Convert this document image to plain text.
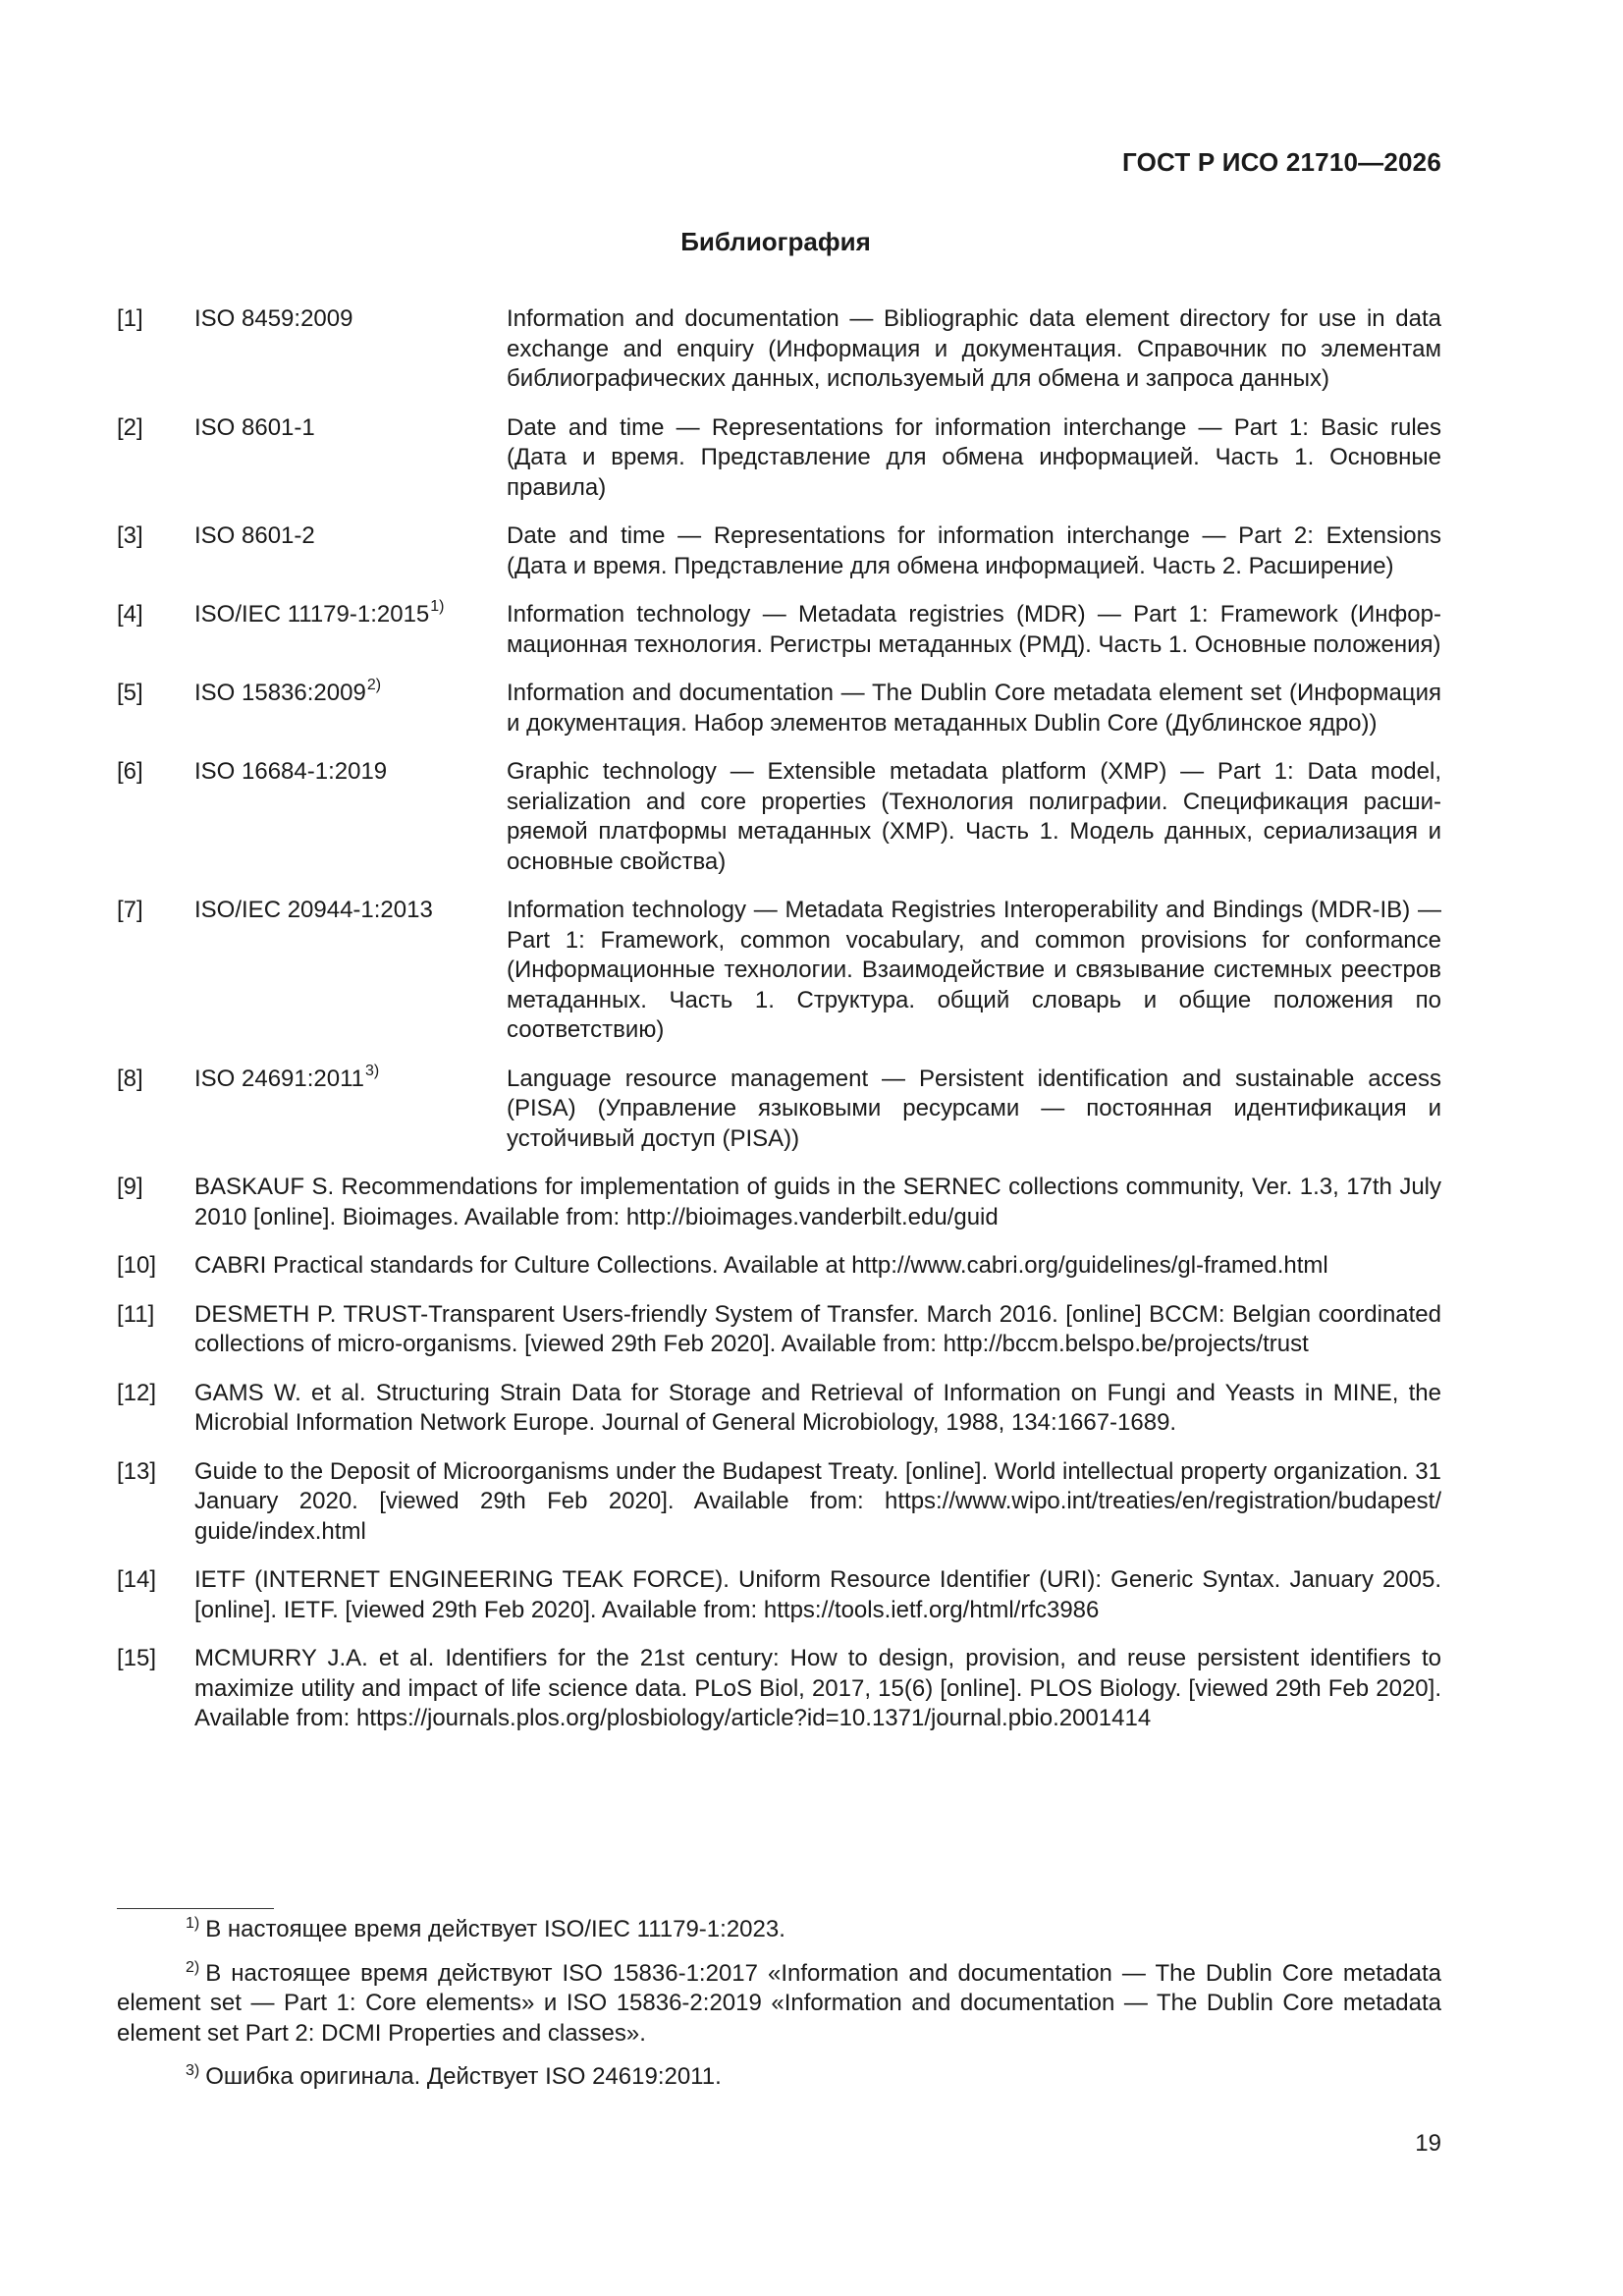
ГОСТ Р ИСО 21710—2026
Библиография
[1]	ISO 8459:2009	Information and documentation — Bibliographic data element directory for use in data exchange and enquiry (Информация и документация. Справочник по элементам библиографических данных, используемый для обмена и запроса данных)
[2]	ISO 8601-1	Date and time — Representations for information interchange — Part 1: Basic rules (Дата и время. Представление для обмена информацией. Часть 1. Основные правила)
[3]	ISO 8601-2	Date and time — Representations for information interchange — Part 2: Extensions (Дата и время. Представление для обмена информацией. Часть 2. Расширение)
[4]	ISO/IEC 11179-1:2015$^{1)}$	Information technology — Metadata registries (MDR) — Part 1: Framework (Информационная технология. Регистры метаданных (РМД). Часть 1. Основные положения)
[5]	ISO 15836:2009$^{2)}$	Information and documentation — The Dublin Core metadata element set (Информация и документация. Набор элементов метаданных Dublin Core (Дублинское ядро))
[6]	ISO 16684-1:2019	Graphic technology — Extensible metadata platform (XMP) — Part 1: Data model, serialization and core properties (Технология полиграфии. Спецификация расширяемой платформы метаданных (XMP). Часть 1. Модель данных, сериализация и основные свойства)
[7]	ISO/IEC 20944-1:2013	Information technology — Metadata Registries Interoperability and Bindings (MDR-IB) — Part 1: Framework, common vocabulary, and common provisions for conformance (Информационные технологии. Взаимодействие и связывание системных реестров метаданных. Часть 1. Структура. общий словарь и общие положения по соответствию)
[8]	ISO 24691:2011$^{3)}$	Language resource management — Persistent identification and sustainable access (PISA) (Управление языковыми ресурсами — постоянная идентификация и устойчивый доступ (PISA))
[9]	BASKAUF S. Recommendations for implementation of guids in the SERNEC collections community, Ver. 1.3, 17th July 2010 [online]. Bioimages. Available from: http://bioimages.vanderbilt.edu/guid
[10]	CABRI Practical standards for Culture Collections. Available at http://www.cabri.org/guidelines/gl-framed.html
[11]	DESMETH P. TRUST-Transparent Users-friendly System of Transfer. March 2016. [online] BCCM: Belgian coordinated collections of micro-organisms. [viewed 29th Feb 2020]. Available from: http://bccm.belspo.be/projects/​trust
[12]	GAMS W. et al. Structuring Strain Data for Storage and Retrieval of Information on Fungi and Yeasts in MINE, the Microbial Information Network Europe. Journal of General Microbiology, 1988, 134:1667-1689.
[13]	Guide to the Deposit of Microorganisms under the Budapest Treaty. [online]. World intellectual property organization. 31 January 2020. [viewed 29th Feb 2020]. Available from: https://www.wipo.int/treaties/en/registration/budapest/​guide/index.html
[14]	IETF (INTERNET ENGINEERING TEAK FORCE). Uniform Resource Identifier (URI): Generic Syntax. January 2005. [online]. IETF. [viewed 29th Feb 2020]. Available from: https://tools.ietf.org/html/rfc3986
[15]	MCMURRY J.A. et al. Identifiers for the 21st century: How to design, provision, and reuse persistent identifiers to maximize utility and impact of life science data. PLoS Biol, 2017, 15(6) [online]. PLOS Biology. [viewed 29th Feb 2020]. Available from: https://journals.plos.org/plosbiology/article?id=10.1371/journal.pbio.2001414
$^{1)}$ В настоящее время действует ISO/IEC 11179-1:2023.
$^{2)}$ В настоящее время действуют ISO 15836-1:2017 «Information and documentation — The Dublin Core metadata element set — Part 1: Core elements» и ISO 15836-2:2019 «Information and documentation — The Dublin Core metadata element set Part 2: DCMI Properties and classes».
$^{3)}$ Ошибка оригинала. Действует ISO 24619:2011.
19
